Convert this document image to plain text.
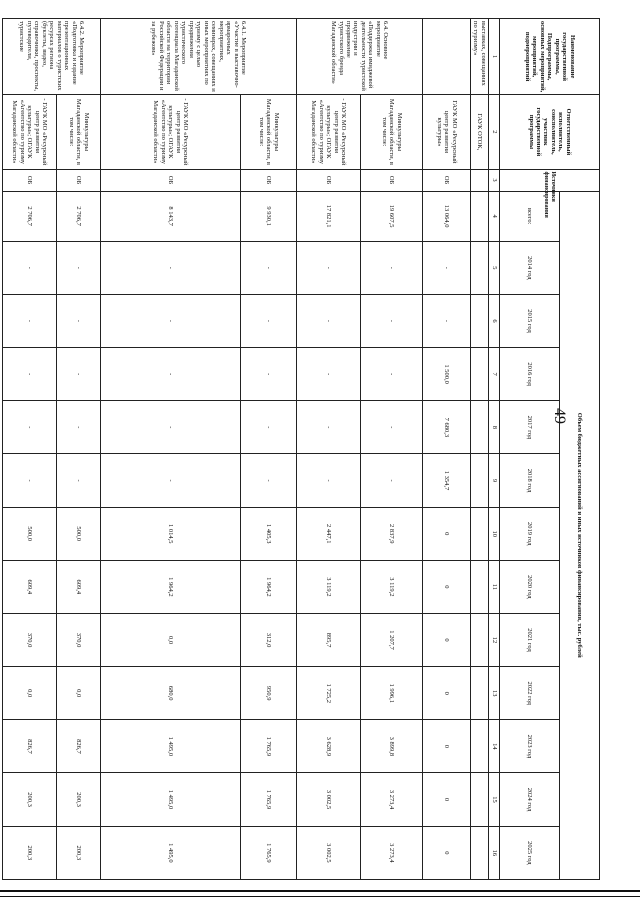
49
Наименование государственной программы, Подпрограммы, основных мероприятий, мероприятий, подмероприятий	Ответственный исполнитель, соисполнитель, участник государственной программы	Источники финансирования	Объем бюджетных ассигнований и иных источников финансирования, тыс. рублей												
			всего:	2014 год	2015 год	2016 год	2017 год	2018 год	2019 год	2020 год	2021 год	2022 год	2023 год	2024 год	2025 год
1	2	3	4	5	6	7	8	9	10	11	12	13	14	15	16
выставках, совещаниях по туризму»	ГАУК ОТОК,														
	ГАУК МО «Ресурсный центр развития культуры»	ОБ	13 064,0	-	-	1 500,0	7 680,3	1 354,7	0	0	0	0	0	0	0
6.4. Основное мероприятие «Поддержка имиджевой деятельности туристской индустрии и продвижение туристского бренда Магаданской области»	Минкультуры Магаданской области, в том числе:	ОБ	19 607,5	-	-	-	-	-	2 837,9	3 119,2	1 207,7	1 996,1	3 899,8	3 273,4	3 273,4
	- ГАУК МО «Ресурсный центр развития культуры»; ОГАУК «Агентство по туризму Магаданской области»	ОБ	17 821,1	-	-	-	-	-	2 447,1	3 119,2	895,7	1 725,2	3 628,9	3 002,5	3 002,5
6.4.1. Мероприятие «Участие в выставочно-ярмарочных мероприятиях, семинарах, совещаниях и иных мероприятиях по туризму с целью продвижения туристического потенциала Магаданской области на территории Российской Федерации и за рубежом»	Минкультуры Магаданской области, в том числе:	ОБ	9 930,1	-	-	-	-	-	1 405,3	1 964,2	312,0	950,9	1 765,9	1 765,9	1 765,9
	- ГАУК МО «Ресурсный центр развития культуры»; ОГАУК «Агентство по туризму Магаданской области»	ОБ	8 143,7	-	-	-	-	-	1 014,5	1 964,2	0,0	680,0	1 495,0	1 495,0	1 495,0
6.4.2. Мероприятие «Подготовка и издание презентационных материалов о туристских ресурсах региона (буклеты, видео, справочники, проспекты, путеводители, туристские	Минкультуры Магаданской области, в том числе:	ОБ	2 706,7	-	-	-	-	-	500,0	609,4	370,0	0,0	826,7	200,3	200,3
	- ГАУК МО «Ресурсный центр развития культуры»; ОГАУК «Агентство по туризму Магаданской области»	ОБ	2 706,7	-	-	-	-	-	500,0	609,4	370,0	0,0	826,7	200,3	200,3
